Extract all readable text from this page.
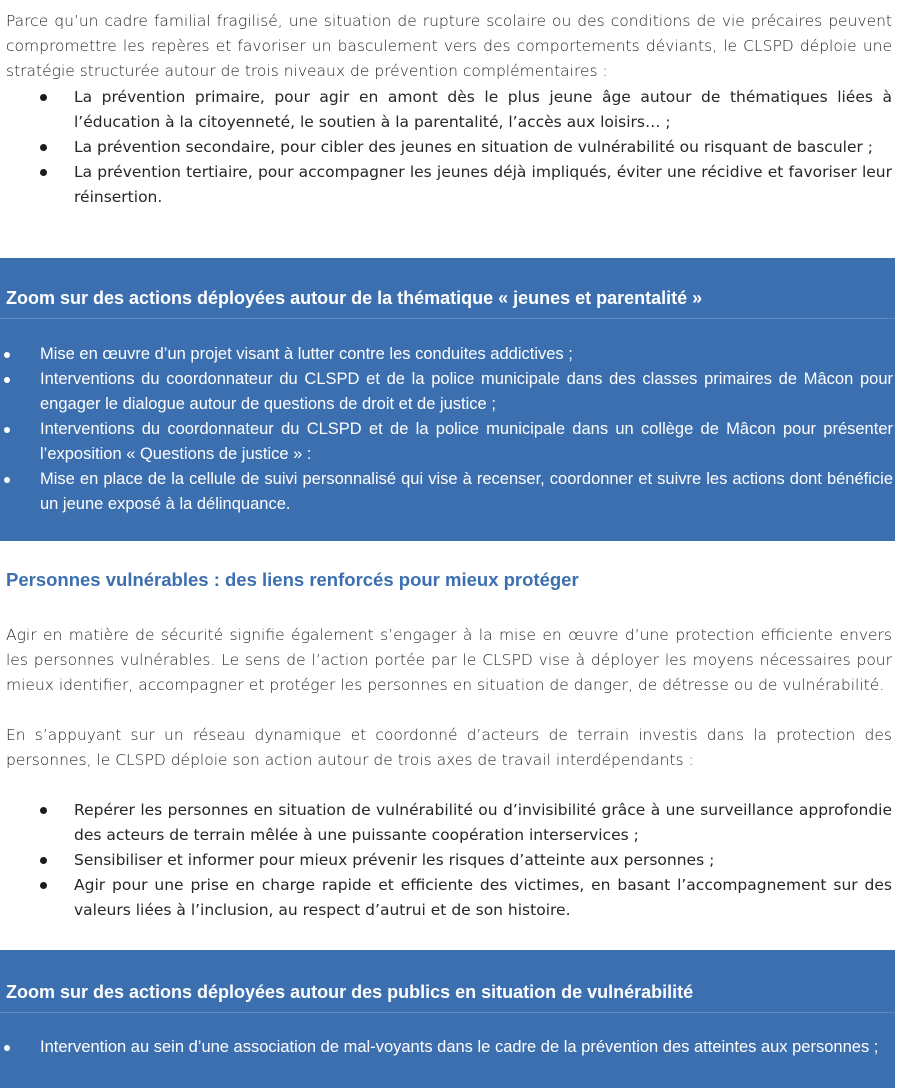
Parce qu’un cadre familial fragilisé, une situation de rupture scolaire ou des conditions de vie précaires peuvent compromettre les repères et favoriser un basculement vers des comportements déviants, le CLSPD déploie une stratégie structurée autour de trois niveaux de prévention complémentaires :

La prévention primaire, pour agir en amont dès le plus jeune âge autour de thématiques liées à l’éducation à la citoyenneté, le soutien à la parentalité, l’accès aux loisirs… ;
La prévention secondaire, pour cibler des jeunes en situation de vulnérabilité ou risquant de basculer ;
La prévention tertiaire, pour accompagner les jeunes déjà impliqués, éviter une récidive et favoriser leur réinsertion.
Zoom sur des actions déployées autour de la thématique « jeunes et parentalité »
Mise en œuvre d’un projet visant à lutter contre les conduites addictives ;
Interventions du coordonnateur du CLSPD et de la police municipale dans des classes primaires de Mâcon pour engager le dialogue autour de questions de droit et de justice ;
Interventions du coordonnateur du CLSPD et de la police municipale dans un collège de Mâcon pour présenter l’exposition « Questions de justice » :
Mise en place de la cellule de suivi personnalisé qui vise à recenser, coordonner et suivre les actions dont bénéficie un jeune exposé à la délinquance.
Personnes vulnérables : des liens renforcés pour mieux protéger

Agir en matière de sécurité signifie également s’engager à la mise en œuvre d’une protection efficiente envers les personnes vulnérables. Le sens de l’action portée par le CLSPD vise à déployer les moyens nécessaires pour mieux identifier, accompagner et protéger les personnes en situation de danger, de détresse ou de vulnérabilité.

En s’appuyant sur un réseau dynamique et coordonné d’acteurs de terrain investis dans la protection des personnes, le CLSPD déploie son action autour de trois axes de travail interdépendants :

Repérer les personnes en situation de vulnérabilité ou d’invisibilité grâce à une surveillance approfondie des acteurs de terrain mêlée à une puissante coopération interservices ;
Sensibiliser et informer pour mieux prévenir les risques d’atteinte aux personnes ;
Agir pour une prise en charge rapide et efficiente des victimes, en basant l’accompagnement sur des valeurs liées à l’inclusion, au respect d’autrui et de son histoire.
Zoom sur des actions déployées autour des publics en situation de vulnérabilité
Intervention au sein d’une association de mal-voyants dans le cadre de la prévention des atteintes aux personnes ;
